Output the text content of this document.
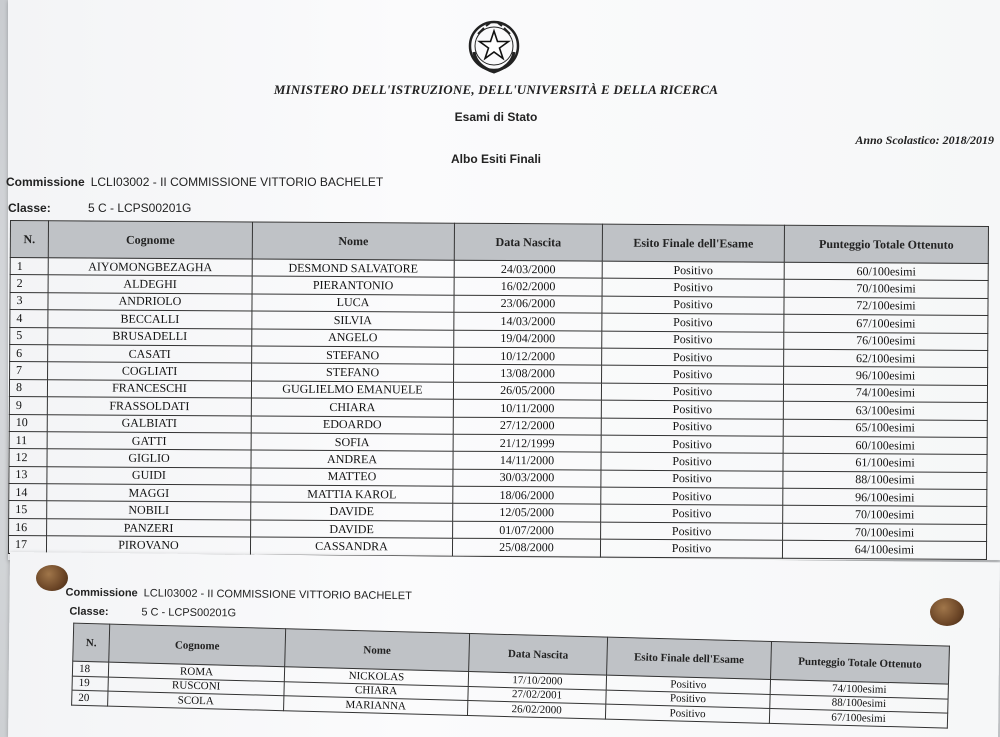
MINISTERO DELL'ISTRUZIONE, DELL'UNIVERSITÀ E DELLA RICERCA
Esami di Stato
Anno Scolastico: 2018/2019
Albo Esiti Finali
Commissione LCLI03002 - II COMMISSIONE VITTORIO BACHELET
Classe:	5 C - LCPS00201G
N.	Cognome	Nome	Data Nascita	Esito Finale dell'Esame	Punteggio Totale Ottenuto
1	AIYOMONGBEZAGHA	DESMOND SALVATORE	24/03/2000	Positivo	60/100esimi
2	ALDEGHI	PIERANTONIO	16/02/2000	Positivo	70/100esimi
3	ANDRIOLO	LUCA	23/06/2000	Positivo	72/100esimi
4	BECCALLI	SILVIA	14/03/2000	Positivo	67/100esimi
5	BRUSADELLI	ANGELO	19/04/2000	Positivo	76/100esimi
6	CASATI	STEFANO	10/12/2000	Positivo	62/100esimi
7	COGLIATI	STEFANO	13/08/2000	Positivo	96/100esimi
8	FRANCESCHI	GUGLIELMO EMANUELE	26/05/2000	Positivo	74/100esimi
9	FRASSOLDATI	CHIARA	10/11/2000	Positivo	63/100esimi
10	GALBIATI	EDOARDO	27/12/2000	Positivo	65/100esimi
11	GATTI	SOFIA	21/12/1999	Positivo	60/100esimi
12	GIGLIO	ANDREA	14/11/2000	Positivo	61/100esimi
13	GUIDI	MATTEO	30/03/2000	Positivo	88/100esimi
14	MAGGI	MATTIA KAROL	18/06/2000	Positivo	96/100esimi
15	NOBILI	DAVIDE	12/05/2000	Positivo	70/100esimi
16	PANZERI	DAVIDE	01/07/2000	Positivo	70/100esimi
17	PIROVANO	CASSANDRA	25/08/2000	Positivo	64/100esimi
Commissione LCLI03002 - II COMMISSIONE VITTORIO BACHELET
Classe:	5 C - LCPS00201G
N.	Cognome	Nome	Data Nascita	Esito Finale dell'Esame	Punteggio Totale Ottenuto
18	ROMA	NICKOLAS	17/10/2000	Positivo	74/100esimi
19	RUSCONI	CHIARA	27/02/2001	Positivo	88/100esimi
20	SCOLA	MARIANNA	26/02/2000	Positivo	67/100esimi
